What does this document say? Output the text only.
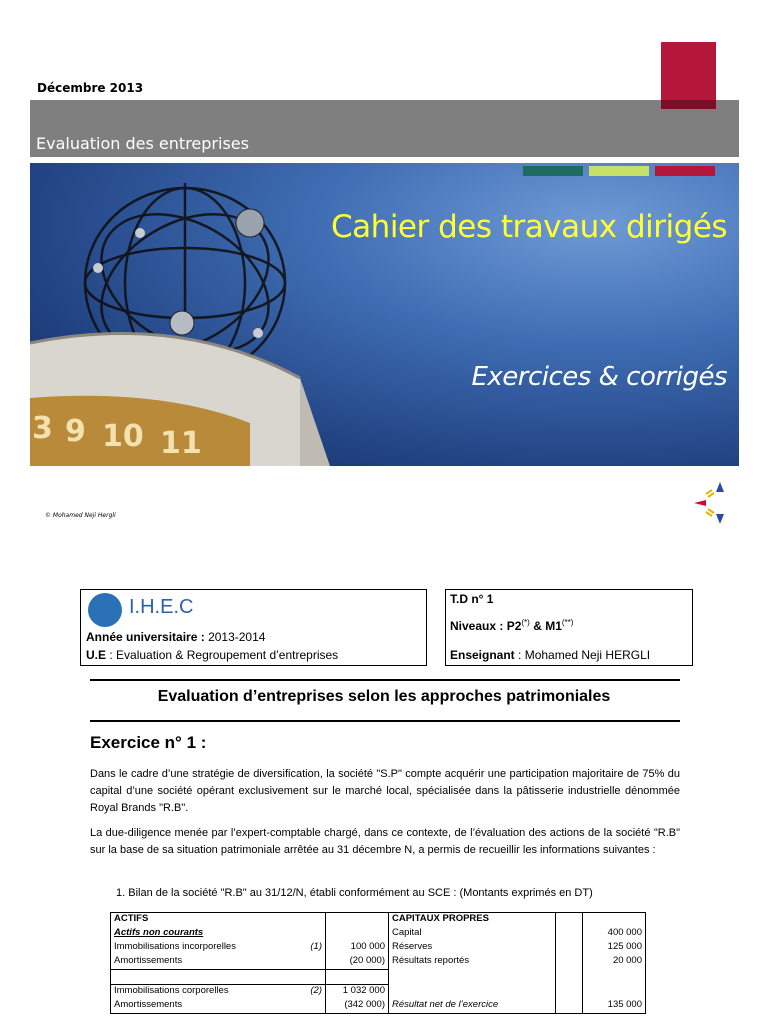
Décembre 2013
Evaluation des entreprises
3 9 10 11
Cahier des travaux dirigés
Exercices & corrigés
© Mohamed Neji Hergli
I.H.E.C
Année universitaire : 2013-2014
U.E : Evaluation & Regroupement d’entreprises
T.D n° 1
Niveaux : P2(*) & M1(**)
Enseignant : Mohamed Neji HERGLI
Evaluation d’entreprises selon les approches patrimoniales
Exercice n° 1 :
Dans le cadre d’une stratégie de diversification, la société "S.P" compte acquérir une participation majoritaire de 75% du capital d’une société opérant exclusivement sur le marché local, spécialisée dans la pâtisserie industrielle dénommée Royal Brands "R.B".
La due-diligence menée par l’expert-comptable chargé, dans ce contexte, de l’évaluation des actions de la société "R.B" sur la base de sa situation patrimoniale arrêtée au 31 décembre N, a permis de recueillir les informations suivantes :
1. Bilan de la société "R.B" au 31/12/N, établi conformément au SCE : (Montants exprimés en DT)
ACTIFS		CAPITAUX PROPRES		
Actifs non courants		Capital		400 000

Immobilisations incorporelles (1)	100 000	Réserves		125 000
Amortissements	(20 000)	Résultats reportés		20 000

Immobilisations corporelles (2)	1 032 000			
Amortissements	(342 000)	Résultat net de l’exercice		135 000
